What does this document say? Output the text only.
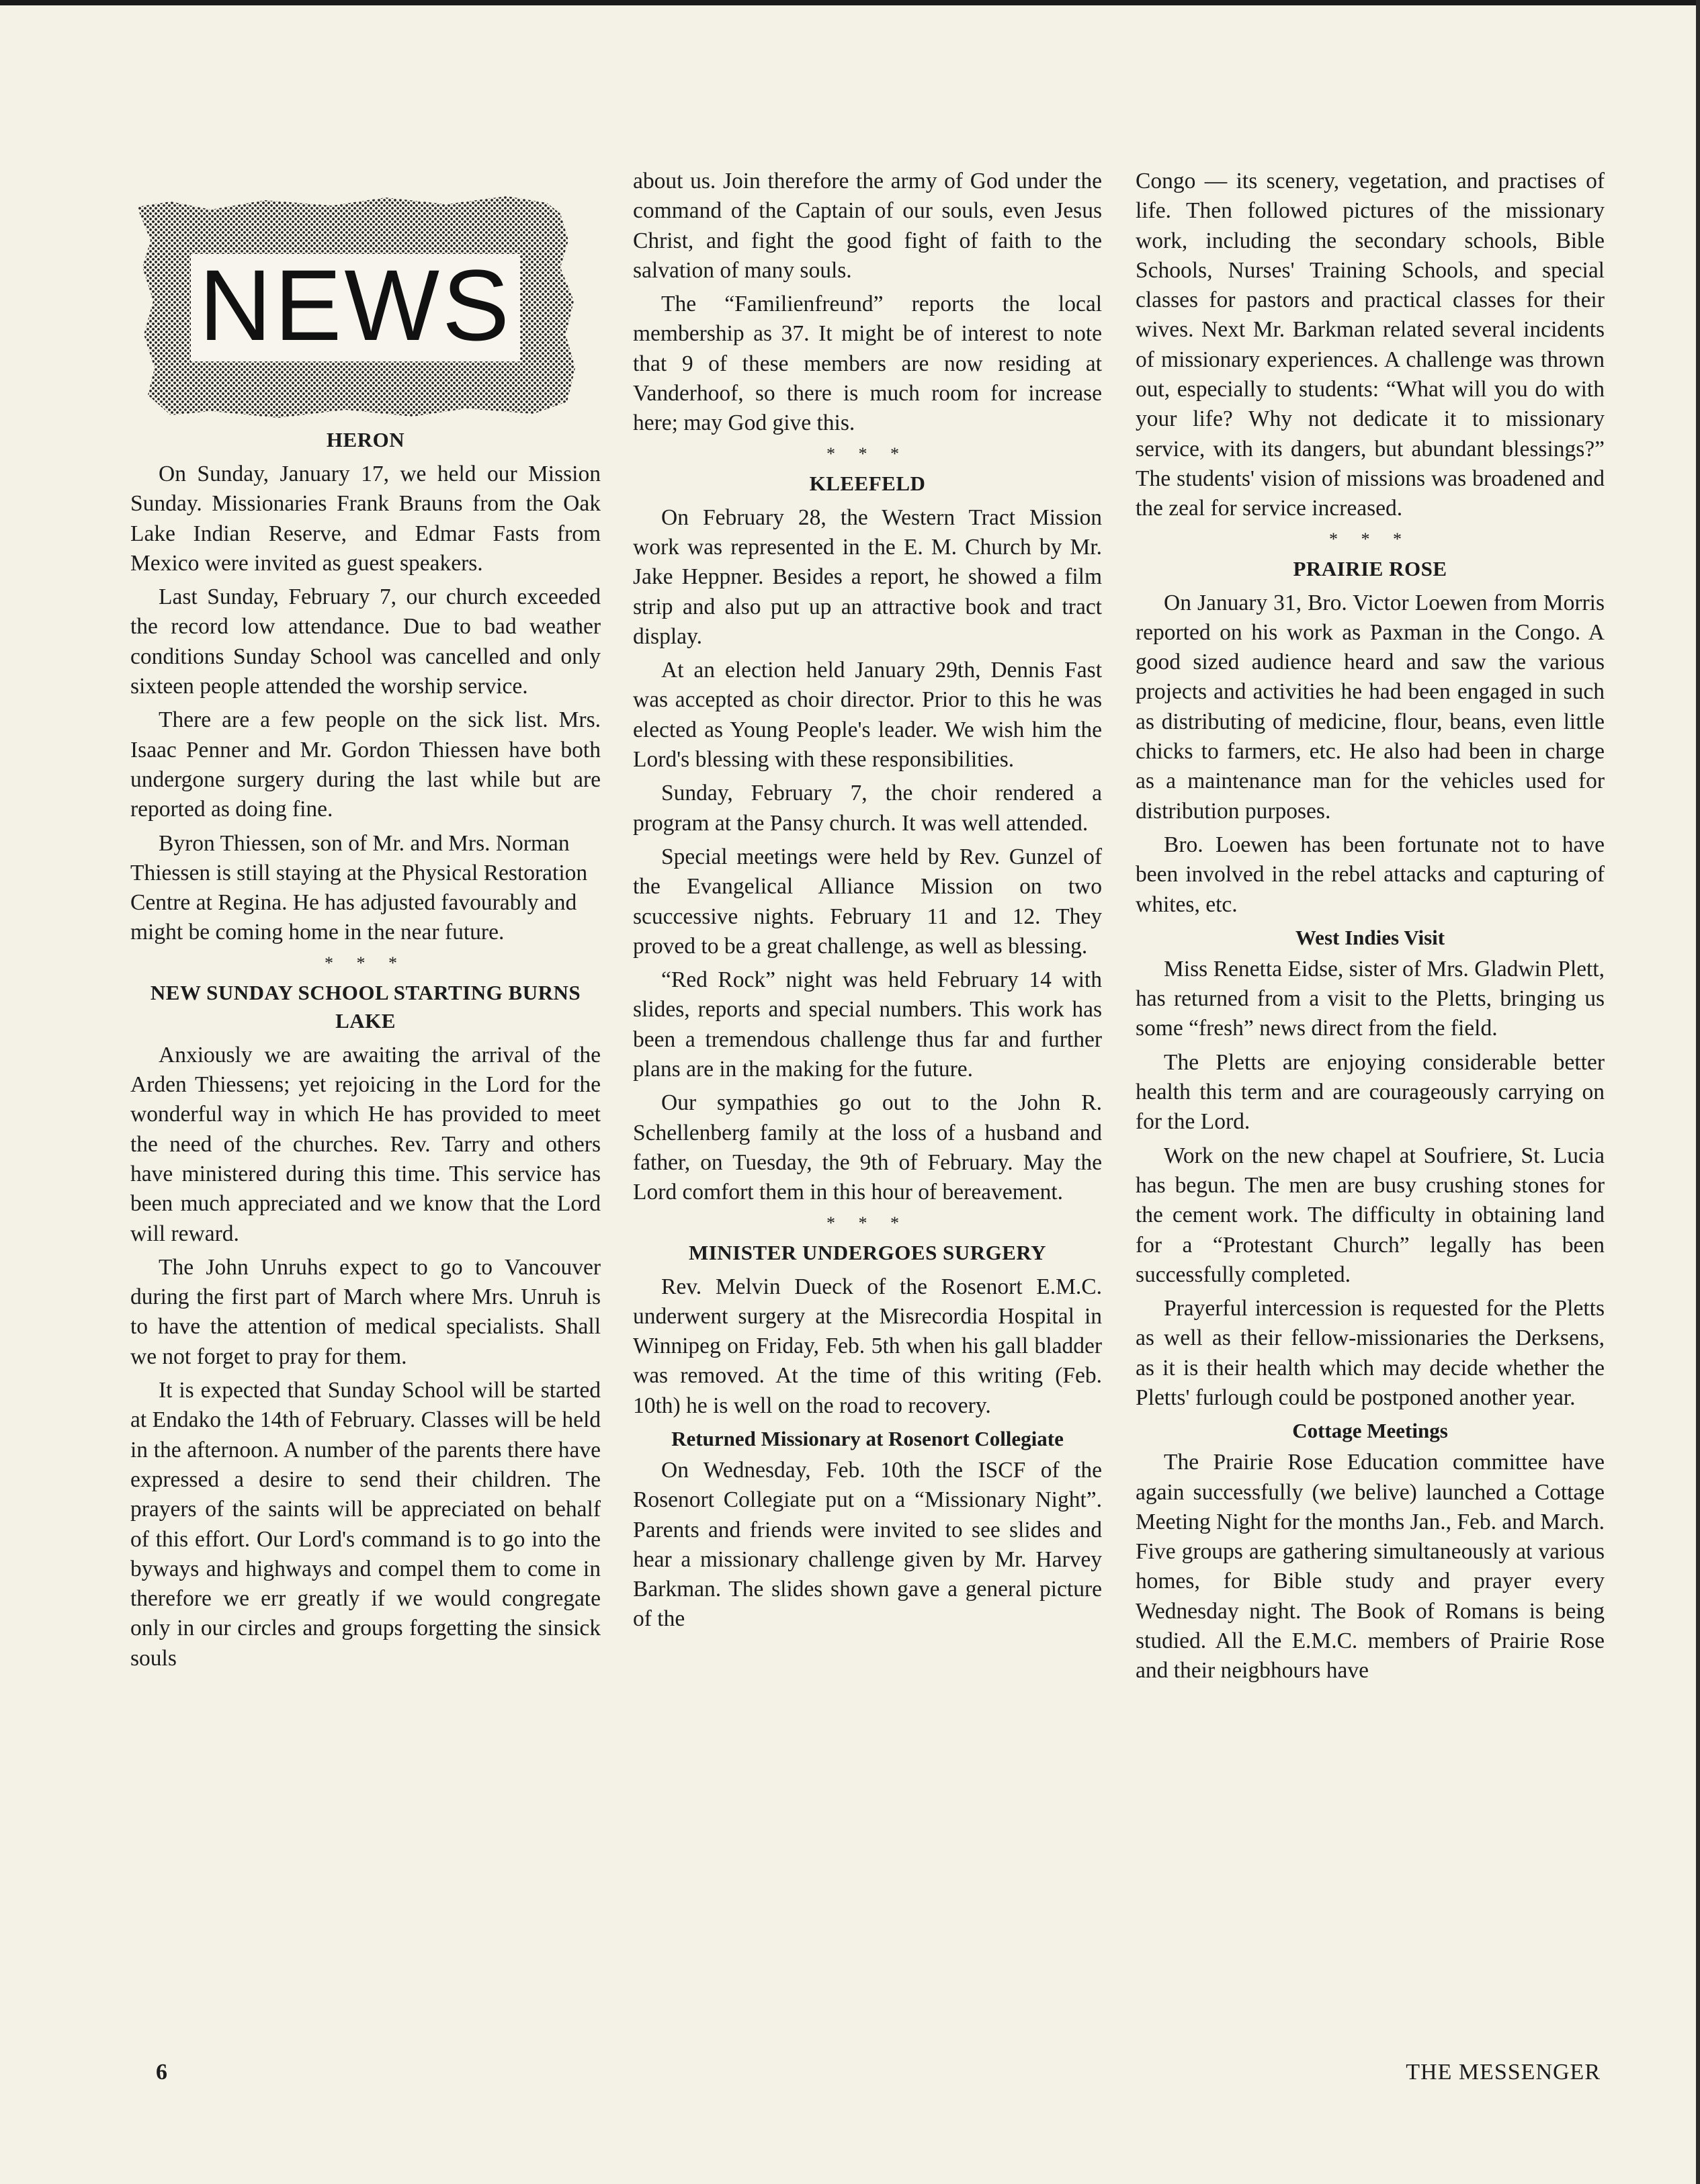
NEWS
HERON

On Sunday, January 17, we held our Mission Sunday. Missionaries Frank Brauns from the Oak Lake Indian Reserve, and Edmar Fasts from Mexico were invited as guest speakers.

Last Sunday, February 7, our church exceeded the record low attendance. Due to bad weather conditions Sunday School was cancelled and only sixteen people attended the worship service.

There are a few people on the sick list. Mrs. Isaac Penner and Mr. Gordon Thiessen have both undergone surgery during the last while but are reported as doing fine.

Byron Thiessen, son of Mr. and Mrs. Norman Thiessen is still staying at the Physical Restoration Centre at Regina. He has adjusted favourably and might be coming home in the near future.

* * *
NEW SUNDAY SCHOOL STARTING BURNS LAKE

Anxiously we are awaiting the arrival of the Arden Thiessens; yet rejoicing in the Lord for the wonderful way in which He has provided to meet the need of the churches. Rev. Tarry and others have ministered during this time. This service has been much appreciated and we know that the Lord will reward.

The John Unruhs expect to go to Vancouver during the first part of March where Mrs. Unruh is to have the attention of medical specialists. Shall we not forget to pray for them.

It is expected that Sunday School will be started at Endako the 14th of February. Classes will be held in the afternoon. A number of the parents there have expressed a desire to send their children. The prayers of the saints will be appreciated on behalf of this effort. Our Lord's command is to go into the byways and highways and compel them to come in therefore we err greatly if we would congregate only in our circles and groups forgetting the sinsick souls

about us. Join therefore the army of God under the command of the Captain of our souls, even Jesus Christ, and fight the good fight of faith to the salvation of many souls.

The “Familienfreund” reports the local membership as 37. It might be of interest to note that 9 of these members are now residing at Vanderhoof, so there is much room for increase here; may God give this.

* * *
KLEEFELD

On February 28, the Western Tract Mission work was represented in the E. M. Church by Mr. Jake Heppner. Besides a report, he showed a film strip and also put up an attractive book and tract display.

At an election held January 29th, Dennis Fast was accepted as choir director. Prior to this he was elected as Young People's leader. We wish him the Lord's blessing with these responsibilities.

Sunday, February 7, the choir rendered a program at the Pansy church. It was well attended.

Special meetings were held by Rev. Gunzel of the Evangelical Alliance Mission on two scuccessive nights. February 11 and 12. They proved to be a great challenge, as well as blessing.

“Red Rock” night was held February 14 with slides, reports and special numbers. This work has been a tremendous challenge thus far and further plans are in the making for the future.

Our sympathies go out to the John R. Schellenberg family at the loss of a husband and father, on Tuesday, the 9th of February. May the Lord comfort them in this hour of bereavement.

* * *
MINISTER UNDERGOES SURGERY

Rev. Melvin Dueck of the Rosenort E.M.C. underwent surgery at the Misrecordia Hospital in Winnipeg on Friday, Feb. 5th when his gall bladder was removed. At the time of this writing (Feb. 10th) he is well on the road to recovery.

Returned Missionary at Rosenort Collegiate

On Wednesday, Feb. 10th the ISCF of the Rosenort Collegiate put on a “Missionary Night”. Parents and friends were invited to see slides and hear a missionary challenge given by Mr. Harvey Barkman. The slides shown gave a general picture of the

Congo — its scenery, vegetation, and practises of life. Then followed pictures of the missionary work, including the secondary schools, Bible Schools, Nurses' Training Schools, and special classes for pastors and practical classes for their wives. Next Mr. Barkman related several incidents of missionary experiences. A challenge was thrown out, especially to students: “What will you do with your life? Why not dedicate it to missionary service, with its dangers, but abundant blessings?” The students' vision of missions was broadened and the zeal for service increased.

* * *
PRAIRIE ROSE

On January 31, Bro. Victor Loewen from Morris reported on his work as Paxman in the Congo. A good sized audience heard and saw the various projects and activities he had been engaged in such as distributing of medicine, flour, beans, even little chicks to farmers, etc. He also had been in charge as a maintenance man for the vehicles used for distribution purposes.

Bro. Loewen has been fortunate not to have been involved in the rebel attacks and capturing of whites, etc.

West Indies Visit

Miss Renetta Eidse, sister of Mrs. Gladwin Plett, has returned from a visit to the Pletts, bringing us some “fresh” news direct from the field.

The Pletts are enjoying considerable better health this term and are courageously carrying on for the Lord.

Work on the new chapel at Soufriere, St. Lucia has begun. The men are busy crushing stones for the cement work. The difficulty in obtaining land for a “Protestant Church” legally has been successfully completed.

Prayerful intercession is requested for the Pletts as well as their fellow-missionaries the Derksens, as it is their health which may decide whether the Pletts' furlough could be postponed another year.

Cottage Meetings

The Prairie Rose Education committee have again successfully (we belive) launched a Cottage Meeting Night for the months Jan., Feb. and March. Five groups are gathering simultaneously at various homes, for Bible study and prayer every Wednesday night. The Book of Romans is being studied. All the E.M.C. members of Prairie Rose and their neigbhours have

6	THE MESSENGER
